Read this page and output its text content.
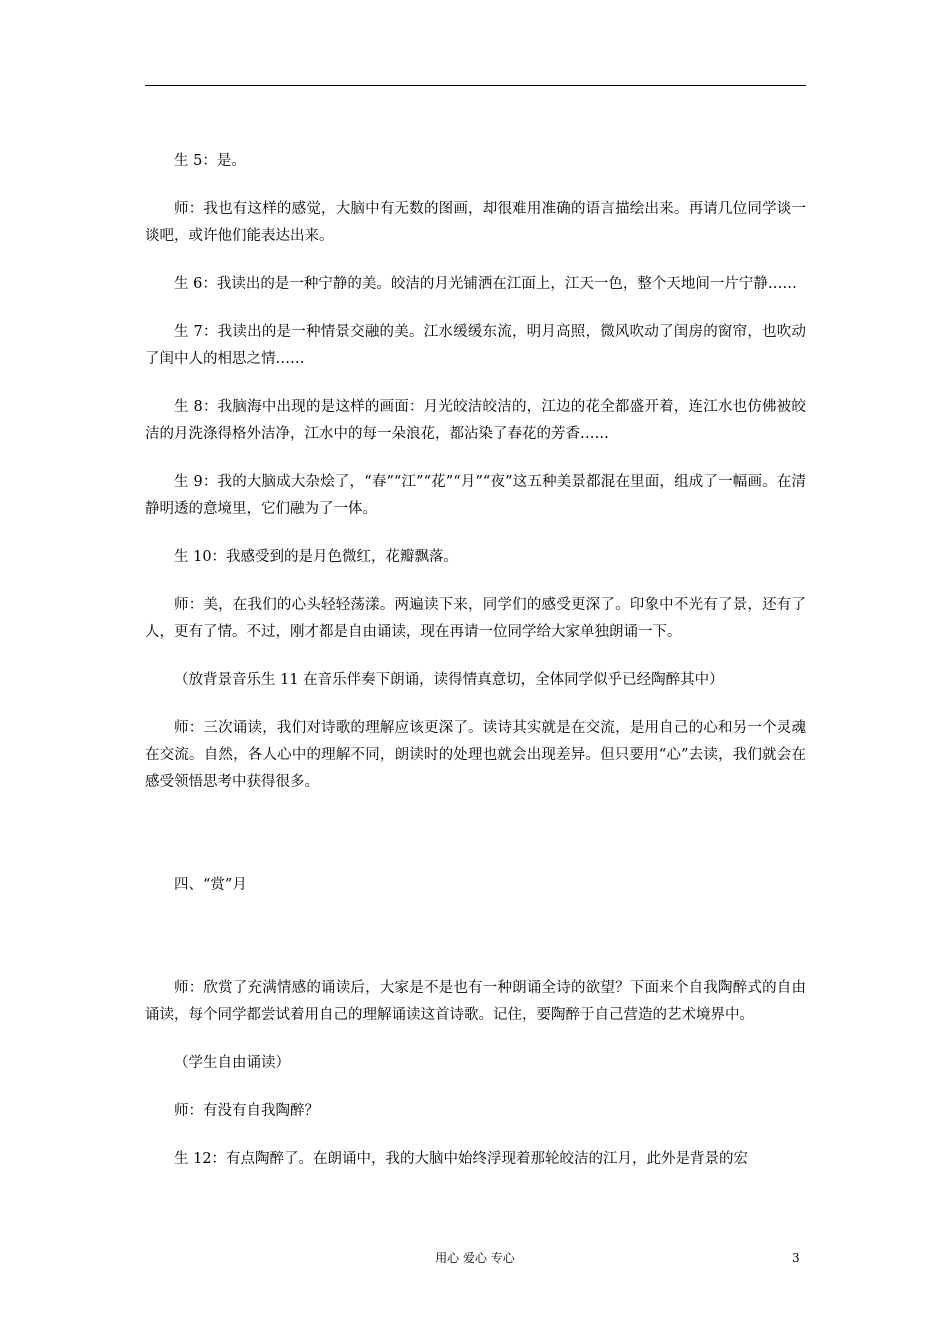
生 5：是。

师：我也有这样的感觉，大脑中有无数的图画，却很难用准确的语言描绘出来。再请几位同学谈一谈吧，或许他们能表达出来。

生 6：我读出的是一种宁静的美。皎洁的月光铺洒在江面上，江天一色，整个天地间一片宁静……

生 7：我读出的是一种情景交融的美。江水缓缓东流，明月高照，微风吹动了闺房的窗帘，也吹动了闺中人的相思之情……

生 8：我脑海中出现的是这样的画面：月光皎洁皎洁的，江边的花全都盛开着，连江水也仿佛被皎洁的月洗涤得格外洁净，江水中的每一朵浪花，都沾染了春花的芳香……

生 9：我的大脑成大杂烩了，“春”“江”“花”“月”“夜”这五种美景都混在里面，组成了一幅画。在清静明透的意境里，它们融为了一体。

生 10：我感受到的是月色微红，花瓣飘落。

师：美，在我们的心头轻轻荡漾。两遍读下来，同学们的感受更深了。印象中不光有了景，还有了人，更有了情。不过，刚才都是自由诵读，现在再请一位同学给大家单独朗诵一下。

（放背景音乐生 11 在音乐伴奏下朗诵，读得情真意切，全体同学似乎已经陶醉其中）

师：三次诵读，我们对诗歌的理解应该更深了。读诗其实就是在交流，是用自己的心和另一个灵魂在交流。自然，各人心中的理解不同，朗读时的处理也就会出现差异。但只要用“心”去读，我们就会在感受领悟思考中获得很多。

四、“赏”月

师：欣赏了充满情感的诵读后，大家是不是也有一种朗诵全诗的欲望？下面来个自我陶醉式的自由诵读，每个同学都尝试着用自己的理解诵读这首诗歌。记住，要陶醉于自己营造的艺术境界中。

（学生自由诵读）

师：有没有自我陶醉？

生 12：有点陶醉了。在朗诵中，我的大脑中始终浮现着那轮皎洁的江月，此外是背景的宏

用心 爱心 专心	3
